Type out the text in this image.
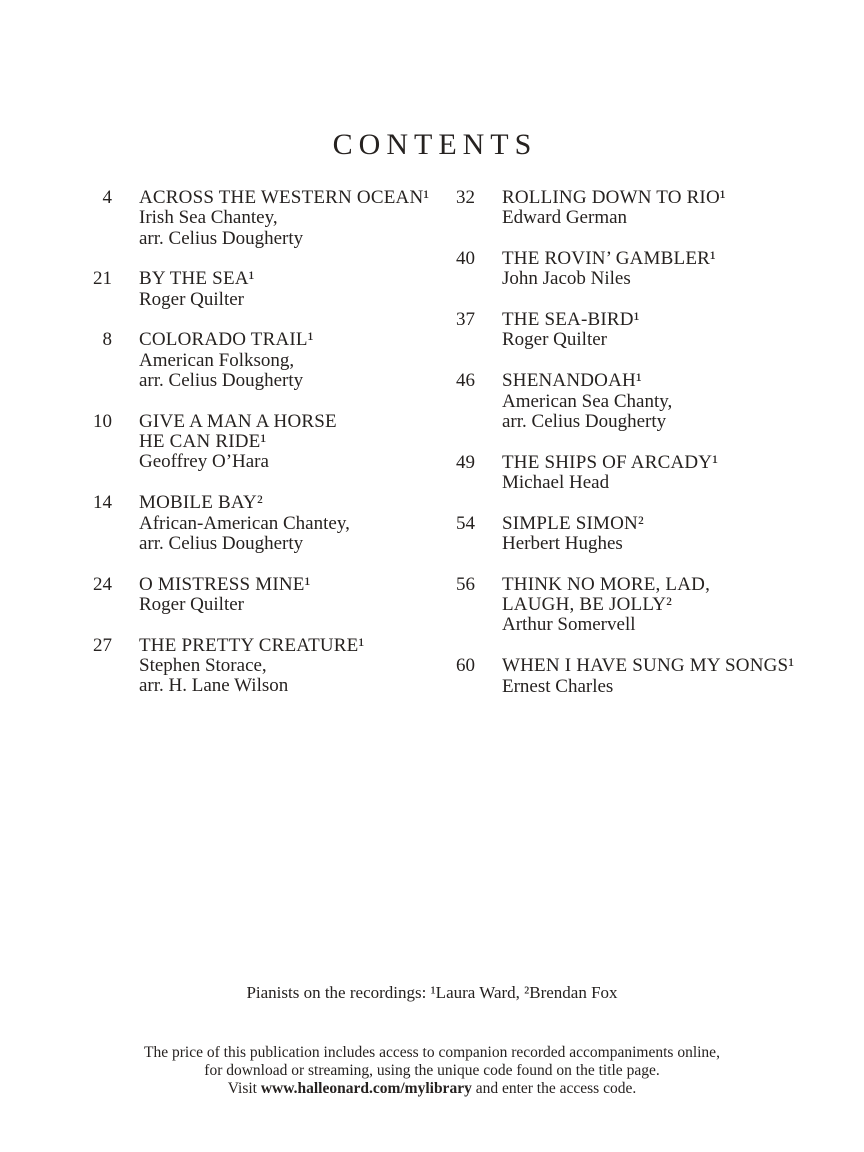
CONTENTS
4 ACROSS THE WESTERN OCEAN¹
Irish Sea Chantey,
arr. Celius Dougherty
21 BY THE SEA¹
Roger Quilter
8 COLORADO TRAIL¹
American Folksong,
arr. Celius Dougherty
10 GIVE A MAN A HORSE
HE CAN RIDE¹
Geoffrey O’Hara
14 MOBILE BAY²
African-American Chantey,
arr. Celius Dougherty
24 O MISTRESS MINE¹
Roger Quilter
27 THE PRETTY CREATURE¹
Stephen Storace,
arr. H. Lane Wilson
32 ROLLING DOWN TO RIO¹
Edward German
40 THE ROVIN’ GAMBLER¹
John Jacob Niles
37 THE SEA-BIRD¹
Roger Quilter
46 SHENANDOAH¹
American Sea Chanty,
arr. Celius Dougherty
49 THE SHIPS OF ARCADY¹
Michael Head
54 SIMPLE SIMON²
Herbert Hughes
56 THINK NO MORE, LAD,
LAUGH, BE JOLLY²
Arthur Somervell
60 WHEN I HAVE SUNG MY SONGS¹
Ernest Charles
Pianists on the recordings: ¹Laura Ward, ²Brendan Fox
The price of this publication includes access to companion recorded accompaniments online,
for download or streaming, using the unique code found on the title page.
Visit www.halleonard.com/mylibrary and enter the access code.
